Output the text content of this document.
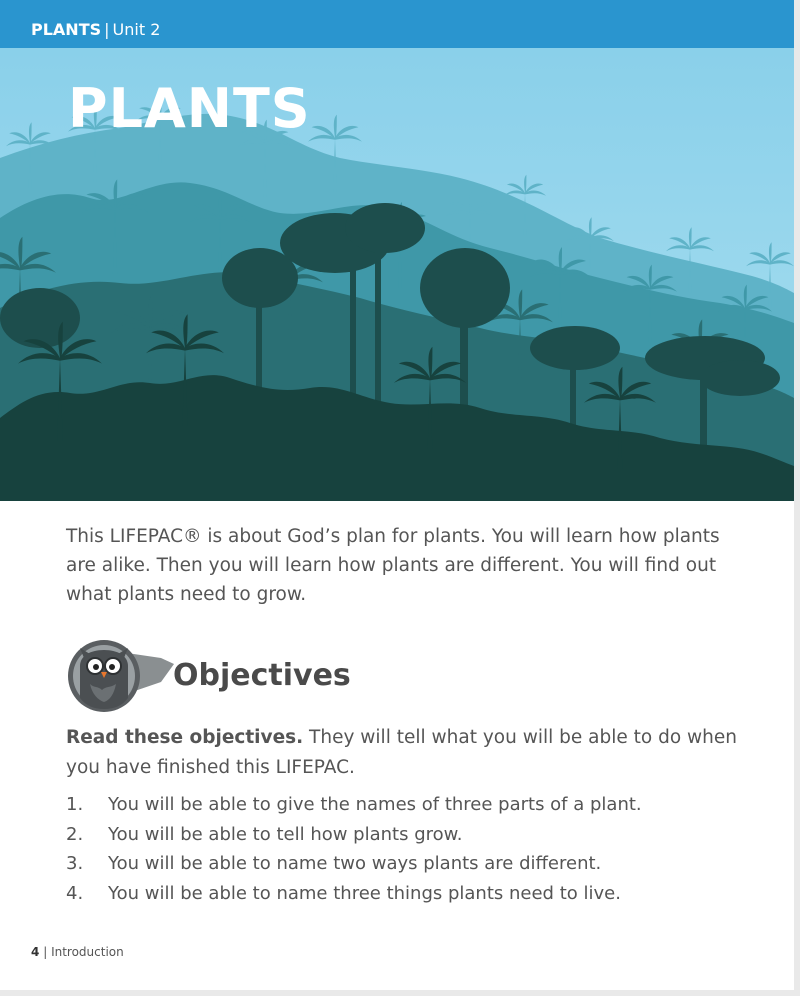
PLANTS | Unit 2
PLANTS

This LIFEPAC® is about God’s plan for plants. You will learn how plants are alike. Then you will learn how plants are different. You will find out what plants need to grow.

Objectives

Read these objectives. They will tell what you will be able to do when you have finished this LIFEPAC.

1.	You will be able to give the names of three parts of a plant.
2.	You will be able to tell how plants grow.
3.	You will be able to name two ways plants are different.
4.	You will be able to name three things plants need to live.
4 | Introduction
